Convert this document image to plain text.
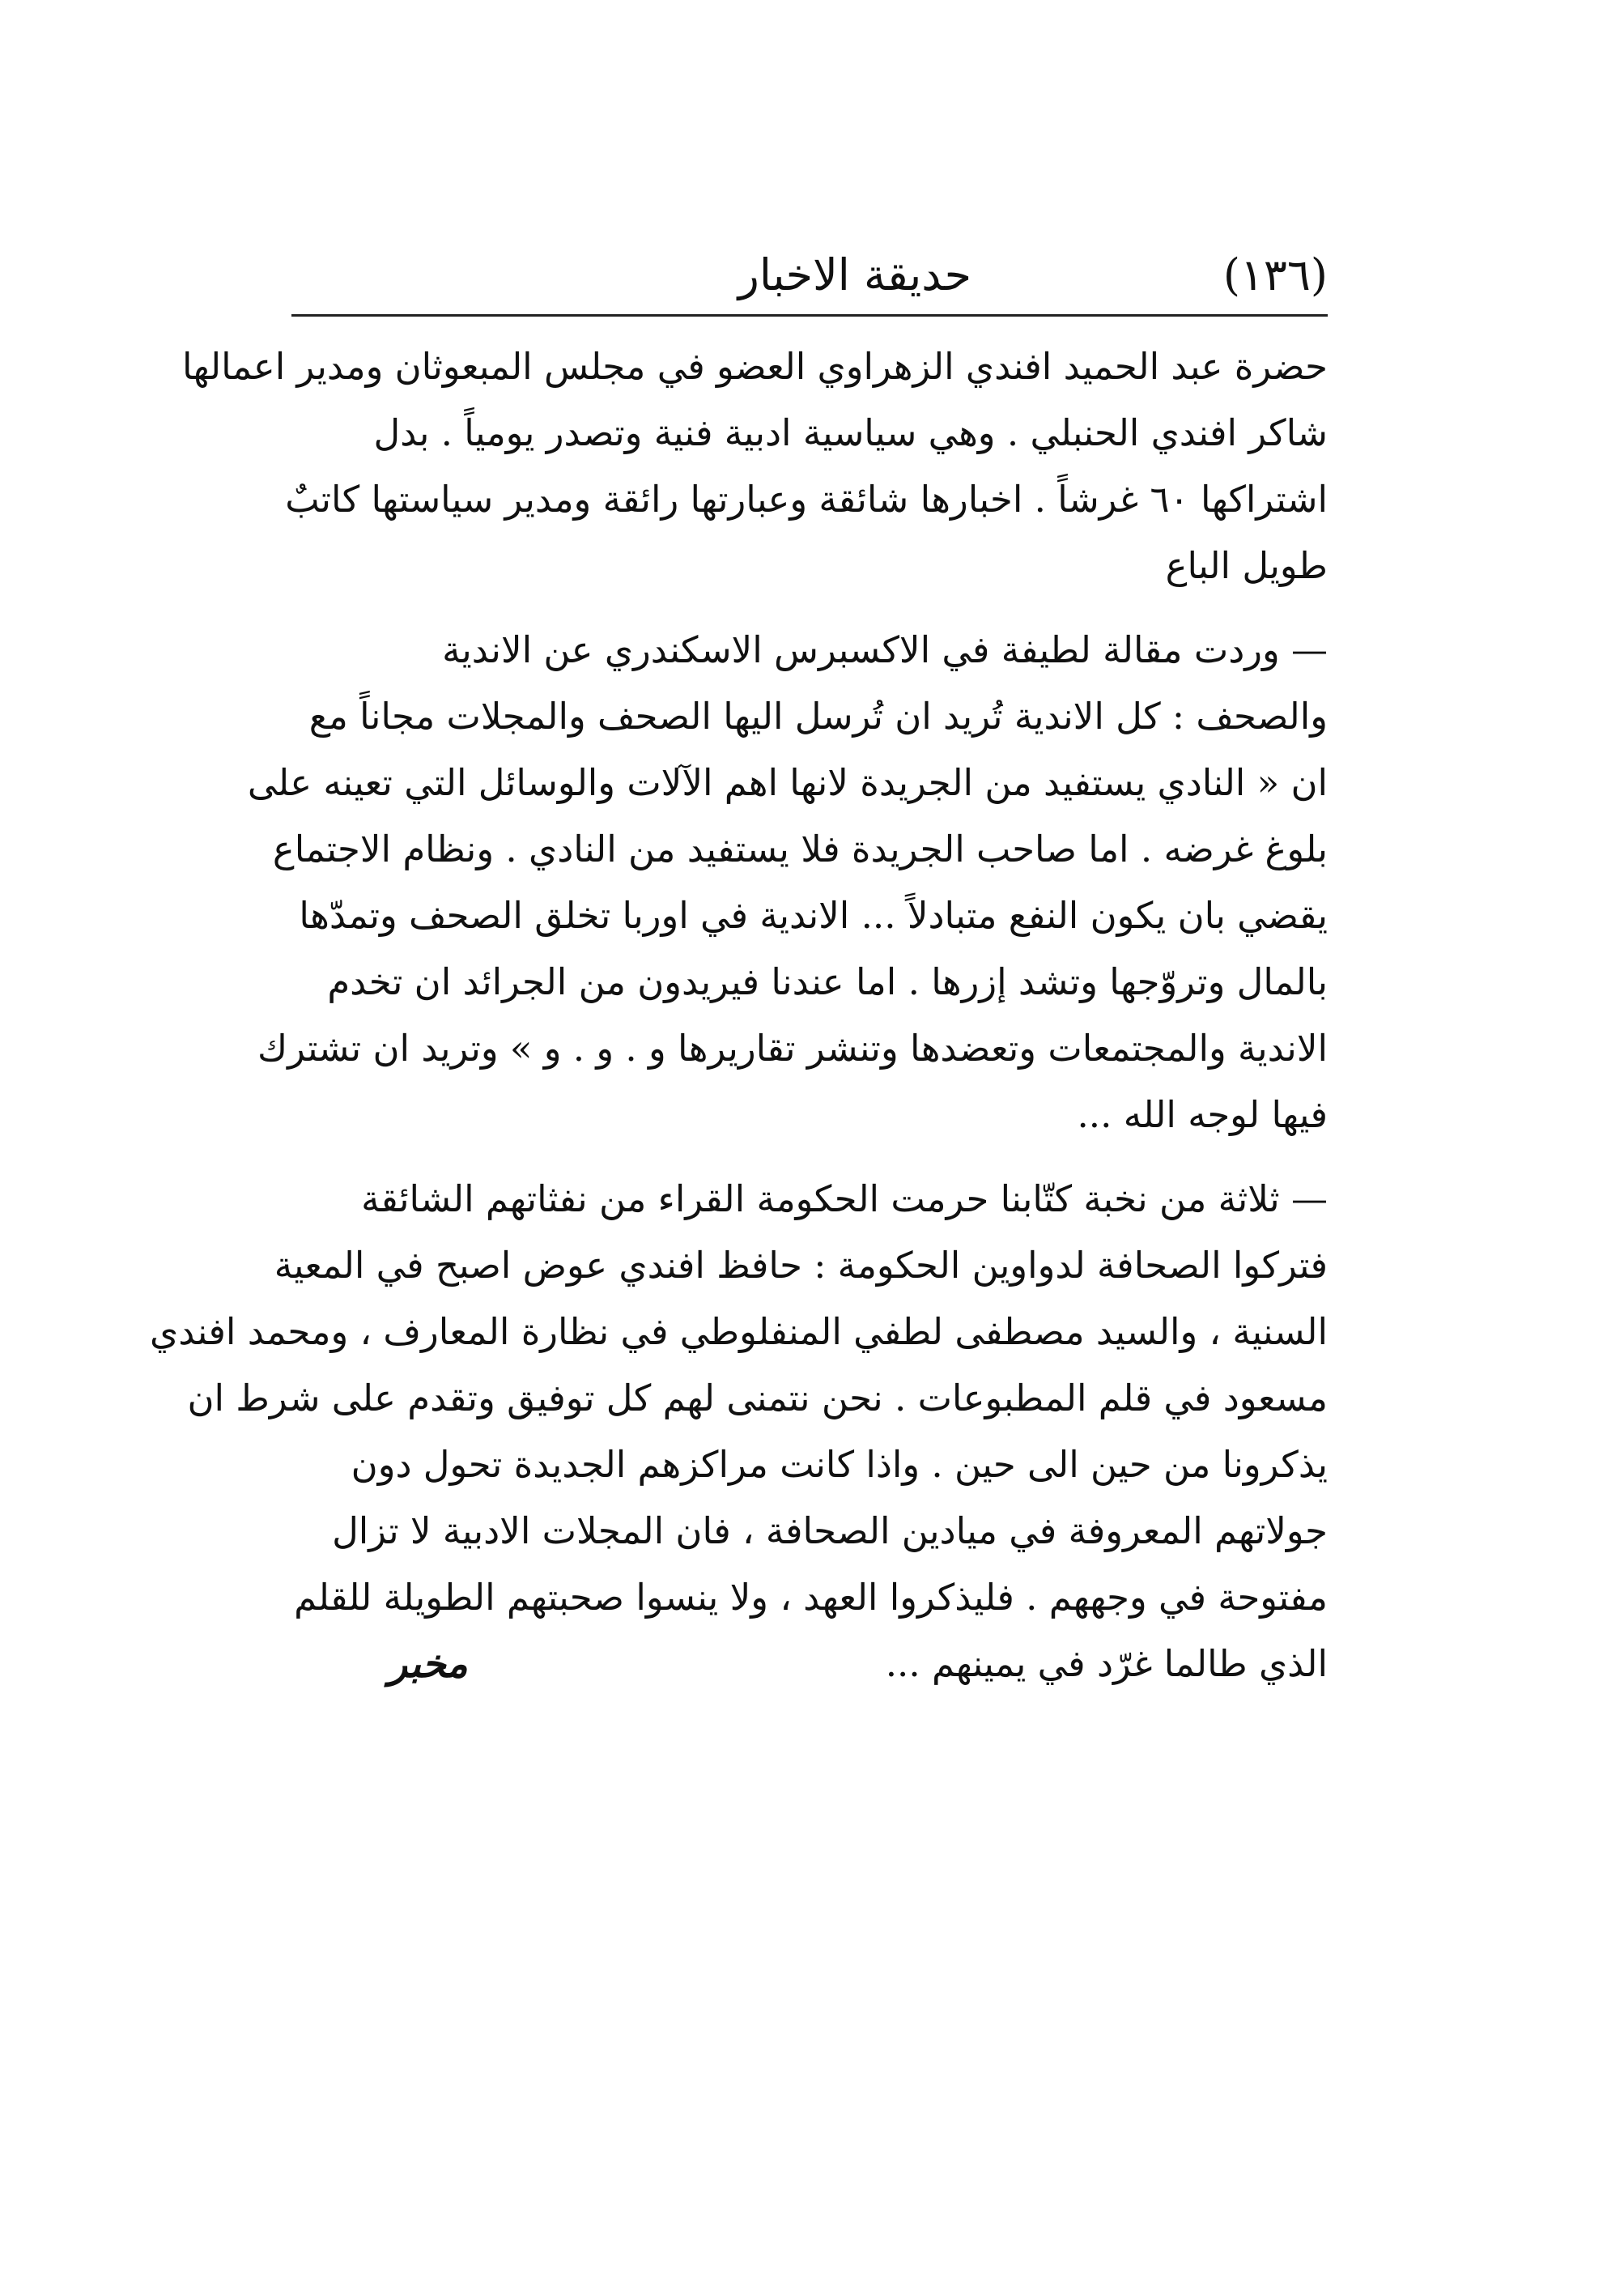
(١٣٦)
حديقة الاخبار
حضرة عبد الحميد افندي الزهراوي العضو في مجلس المبعوثان ومدير اعمالها
شاكر افندي الحنبلي . وهي سياسية ادبية فنية وتصدر يومياً . بدل
اشتراكها ٦٠ غرشاً . اخبارها شائقة وعبارتها رائقة ومدير سياستها كاتبٌ
طويل الباع
— وردت مقالة لطيفة في الاكسبرس الاسكندري عن الاندية
والصحف : كل الاندية تُريد ان تُرسل اليها الصحف والمجلات مجاناً مع
ان « النادي يستفيد من الجريدة لانها اهم الآلات والوسائل التي تعينه على
بلوغ غرضه . اما صاحب الجريدة فلا يستفيد من النادي . ونظام الاجتماع
يقضي بان يكون النفع متبادلاً ... الاندية في اوربا تخلق الصحف وتمدّها
بالمال وتروّجها وتشد إزرها . اما عندنا فيريدون من الجرائد ان تخدم
الاندية والمجتمعات وتعضدها وتنشر تقاريرها و . و . و » وتريد ان تشترك
فيها لوجه الله ...
— ثلاثة من نخبة كتّابنا حرمت الحكومة القراء من نفثاتهم الشائقة
فتركوا الصحافة لدواوين الحكومة : حافظ افندي عوض اصبح في المعية
السنية ، والسيد مصطفى لطفي المنفلوطي في نظارة المعارف ، ومحمد افندي
مسعود في قلم المطبوعات . نحن نتمنى لهم كل توفيق وتقدم على شرط ان
يذكرونا من حين الى حين . واذا كانت مراكزهم الجديدة تحول دون
جولاتهم المعروفة في ميادين الصحافة ، فان المجلات الادبية لا تزال
مفتوحة في وجههم . فليذكروا العهد ، ولا ينسوا صحبتهم الطويلة للقلم
الذي طالما غرّد في يمينهم ...
مخبر
